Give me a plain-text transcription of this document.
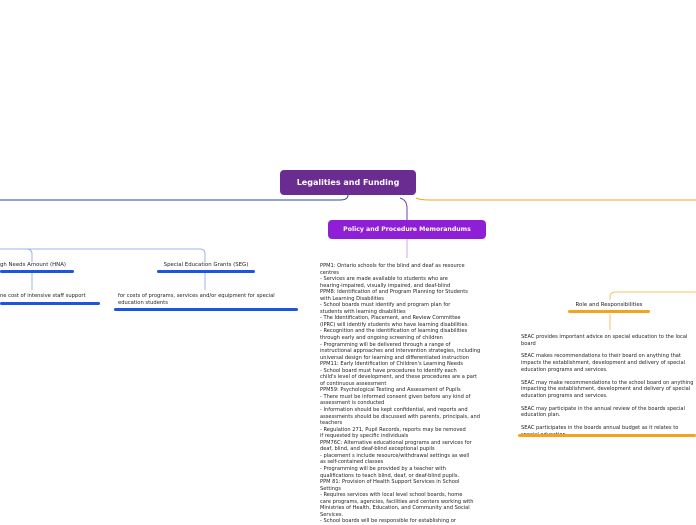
Legalities and Funding
Policy and Procedure Memorandums
gh Needs Amount (HNA)	Special Education Grants (SEG)
ne cost of intensive staff support	for costs of programs, services and/or equipment for special
education students
PPM1: Ontario schools for the blind and deaf as resource
centres
- Services are made available to students who are
hearing-impaired, visually impaired, and deaf-blind
PPM8: Identification of and Program Planning for Students
with Learning Disabilities
- School boards must identify and program plan for
students with learning disabilities
- The Identification, Placement, and Review Committee
(IPRC) will identify students who have learning disabilities.
- Recognition and the identification of learning disabilities
through early and ongoing screening of children
- Programming will be delivered through a range of
instructional approaches and intervention strategies, including
universal design for learning and differentiated instruction
PPM11: Early Identification of Children's Learning Needs
- School board must have procedures to identify each
child's level of development, and these procedures are a part
of continuous assessment
PPM59: Psychological Testing and Assessment of Pupils
- There must be informed consent given before any kind of
assessment is conducted
- Information should be kept confidential, and reports and
assessments should be discussed with parents, principals, and
teachers
- Regulation 271, Pupil Records, reports may be removed
if requested by specific individuals
PPM76C: Alternative educational programs and services for
deaf, blind, and deaf-blind exceptional pupils
- placement s include resource/withdrawal settings as well
as self-contained classes
- Programming will be provided by a teacher with
qualifications to teach blind, deaf, or deaf-blind pupils.
PPM 81: Provision of Health Support Services in School
Settings
- Requires services with local level school boards, home
care programs, agencies, facilities and centers working with
Ministries of Health, Education, and Community and Social
Services.
- School boards will be responsible for establishing or
Role and Responsibilities

SEAC provides important advice on special education to the local board

SEAC makes recommendations to their board on anything that impacts the establishment, development and delivery of special education programs and services.

SEAC may make recommendations to the school board on anything impacting the establishment, development and delivery of special education programs and services.

SEAC may participate in the annual review of the boards special education plan.

SEAC participates in the boards annual budget as it relates to
